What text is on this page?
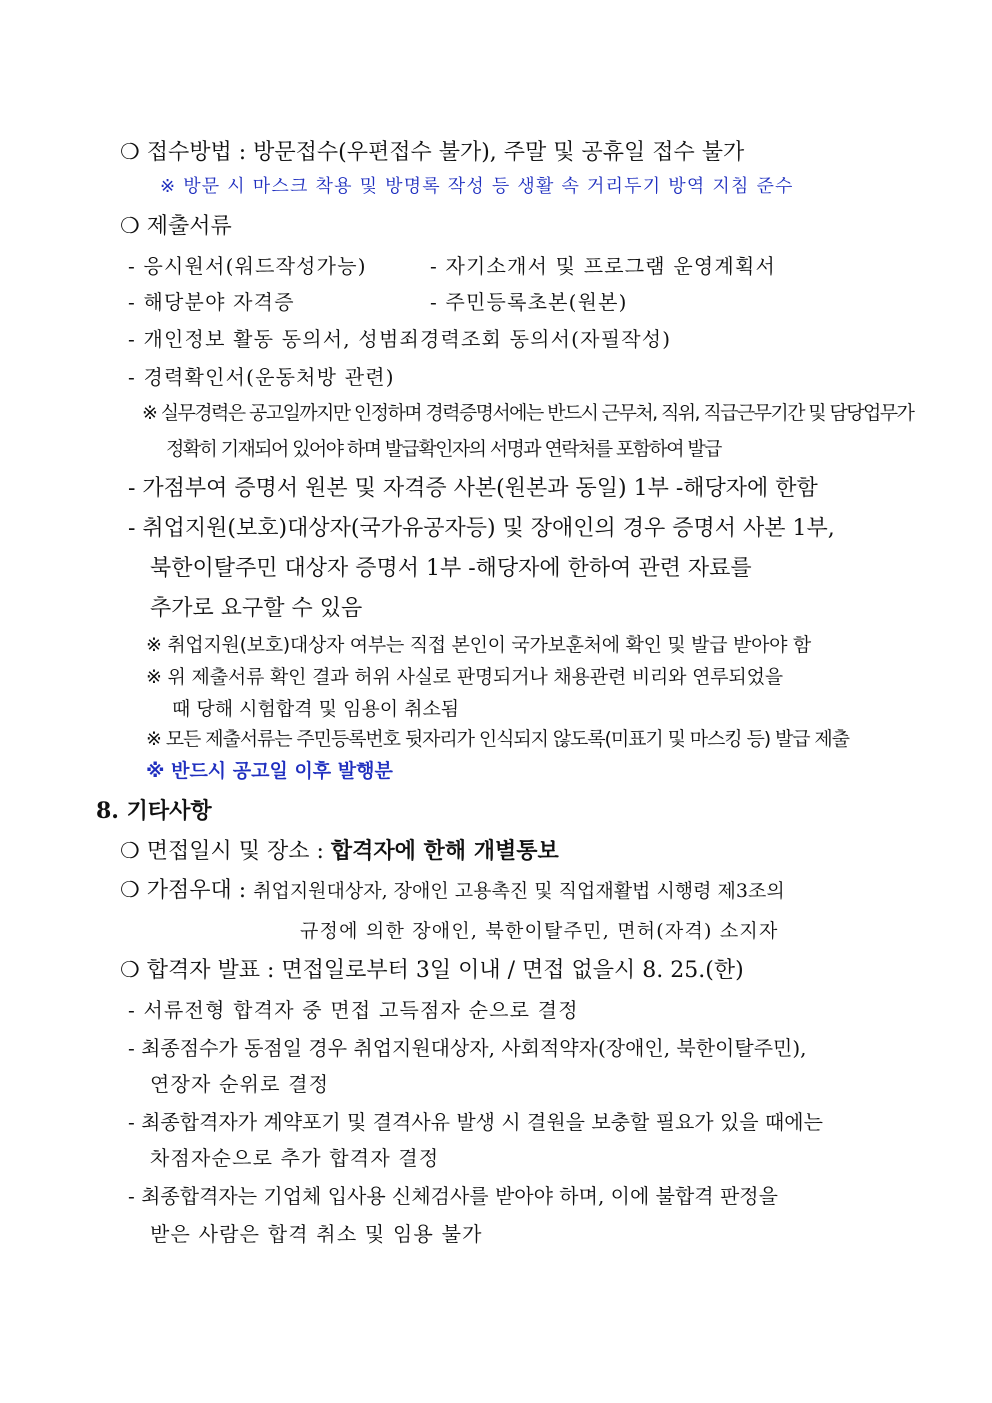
❍ 접수방법 : 방문접수(우편접수 불가), 주말 및 공휴일 접수 불가
※ 방문 시 마스크 착용 및 방명록 작성 등 생활 속 거리두기 방역 지침 준수
❍ 제출서류
- 응시원서(워드작성가능)	- 자기소개서 및 프로그램 운영계획서
- 해당분야 자격증	- 주민등록초본(원본)
- 개인정보 활동 동의서, 성범죄경력조회 동의서(자필작성)
- 경력확인서(운동처방 관련)
※ 실무경력은 공고일까지만 인정하며 경력증명서에는 반드시 근무처, 직위, 직급근무기간 및 담당업무가
정확히 기재되어 있어야 하며 발급확인자의 서명과 연락처를 포함하여 발급
- 가점부여 증명서 원본 및 자격증 사본(원본과 동일) 1부 -해당자에 한함
- 취업지원(보호)대상자(국가유공자등) 및 장애인의 경우 증명서 사본 1부,
북한이탈주민 대상자 증명서 1부 -해당자에 한하여 관련 자료를
추가로 요구할 수 있음
※ 취업지원(보호)대상자 여부는 직접 본인이 국가보훈처에 확인 및 발급 받아야 함
※ 위 제출서류 확인 결과 허위 사실로 판명되거나 채용관련 비리와 연루되었을
때 당해 시험합격 및 임용이 취소됨
※ 모든 제출서류는 주민등록번호 뒷자리가 인식되지 않도록(미표기 및 마스킹 등) 발급 제출
※ 반드시 공고일 이후 발행분
8. 기타사항
❍ 면접일시 및 장소 : 합격자에 한해 개별통보
❍ 가점우대 : 취업지원대상자, 장애인 고용촉진 및 직업재활법 시행령 제3조의
규정에 의한 장애인, 북한이탈주민, 면허(자격) 소지자
❍ 합격자 발표 : 면접일로부터 3일 이내 / 면접 없을시 8. 25.(한)
- 서류전형 합격자 중 면접 고득점자 순으로 결정
- 최종점수가 동점일 경우 취업지원대상자, 사회적약자(장애인, 북한이탈주민),
연장자 순위로 결정
- 최종합격자가 계약포기 및 결격사유 발생 시 결원을 보충할 필요가 있을 때에는
차점자순으로 추가 합격자 결정
- 최종합격자는 기업체 입사용 신체검사를 받아야 하며, 이에 불합격 판정을
받은 사람은 합격 취소 및 임용 불가
